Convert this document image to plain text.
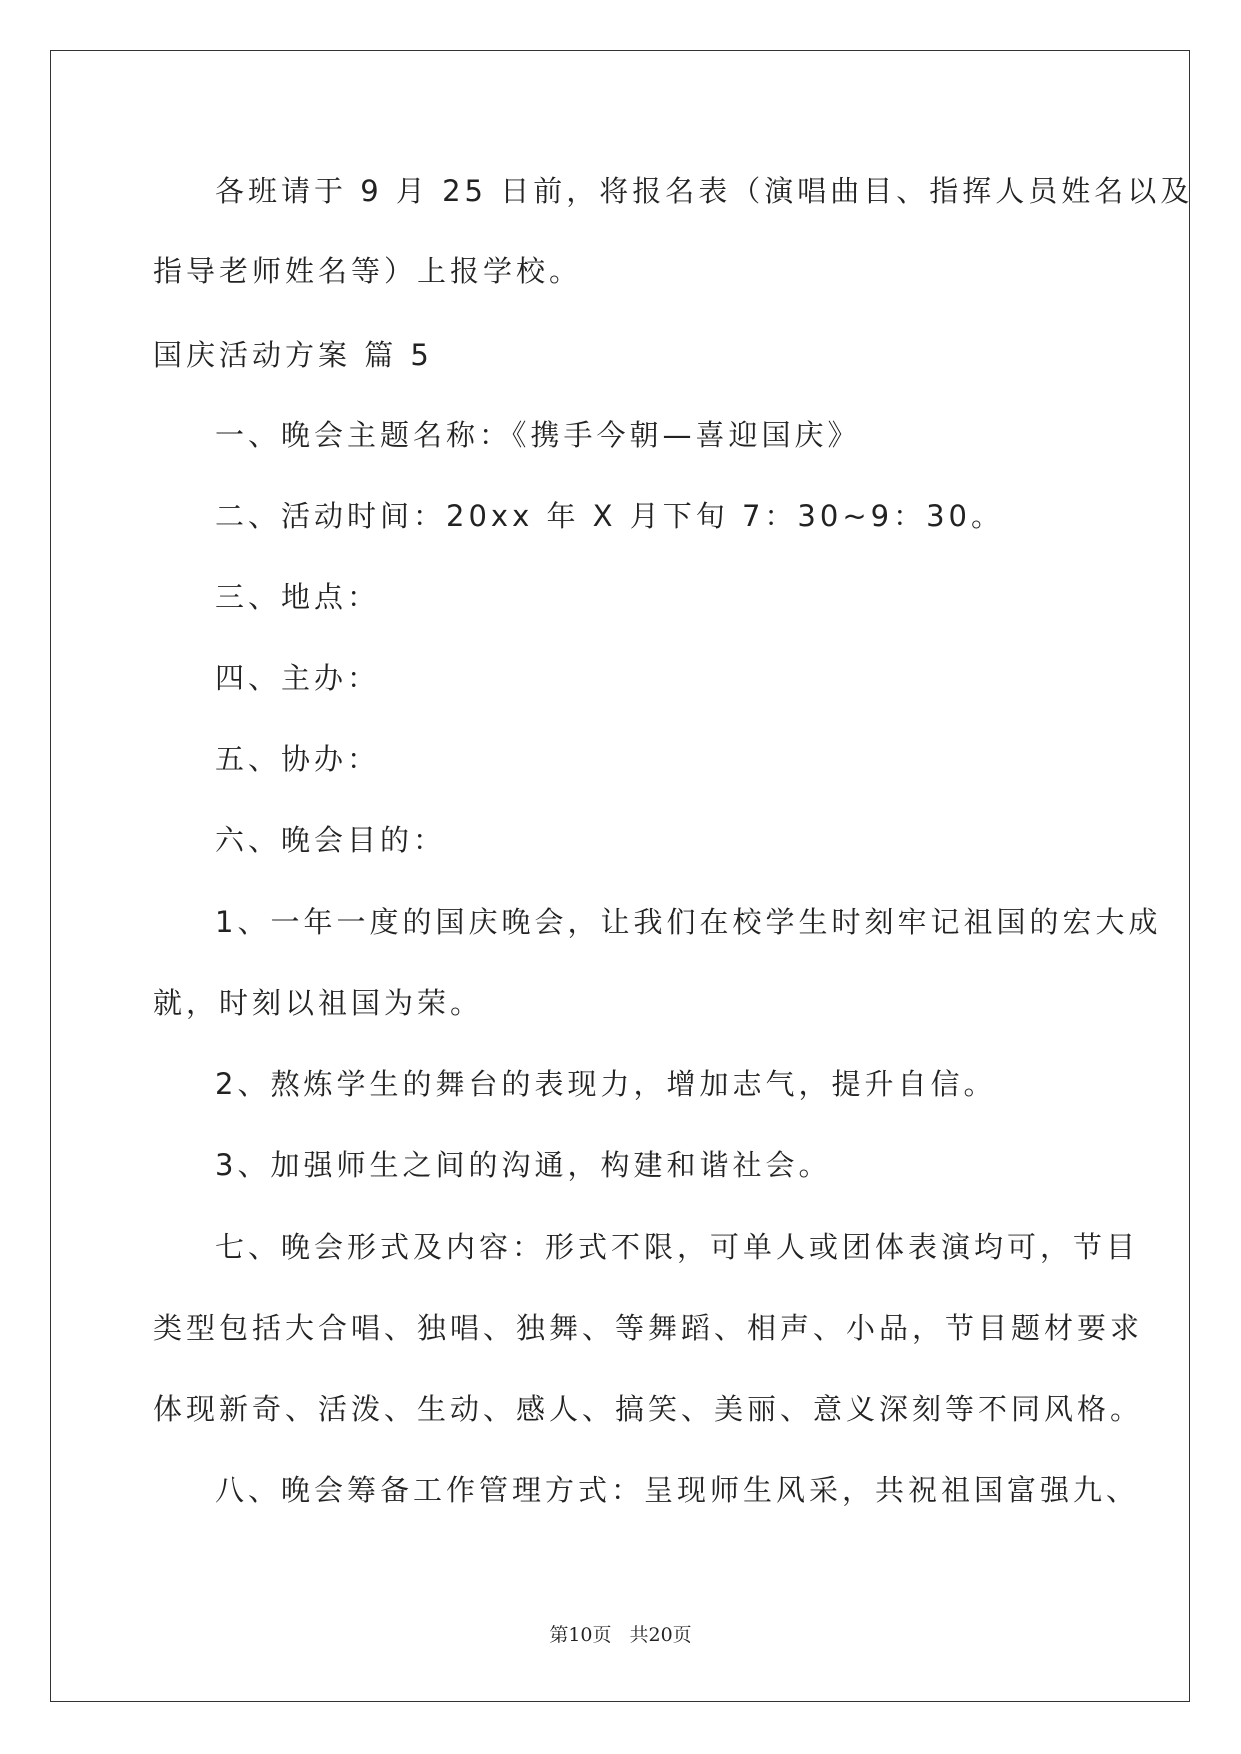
各班请于 9 月 25 日前，将报名表（演唱曲目、指挥人员姓名以及
指导老师姓名等）上报学校。
国庆活动方案 篇 5
一、晚会主题名称：《携手今朝—喜迎国庆》
二、活动时间：20xx 年 X 月下旬 7：30~9：30。
三、地点：
四、主办：
五、协办：
六、晚会目的：
1、一年一度的国庆晚会，让我们在校学生时刻牢记祖国的宏大成
就，时刻以祖国为荣。
2、熬炼学生的舞台的表现力，增加志气，提升自信。
3、加强师生之间的沟通，构建和谐社会。
七、晚会形式及内容：形式不限，可单人或团体表演均可，节目
类型包括大合唱、独唱、独舞、等舞蹈、相声、小品，节目题材要求
体现新奇、活泼、生动、感人、搞笑、美丽、意义深刻等不同风格。
八、晚会筹备工作管理方式：呈现师生风采，共祝祖国富强九、
第10页 共20页
